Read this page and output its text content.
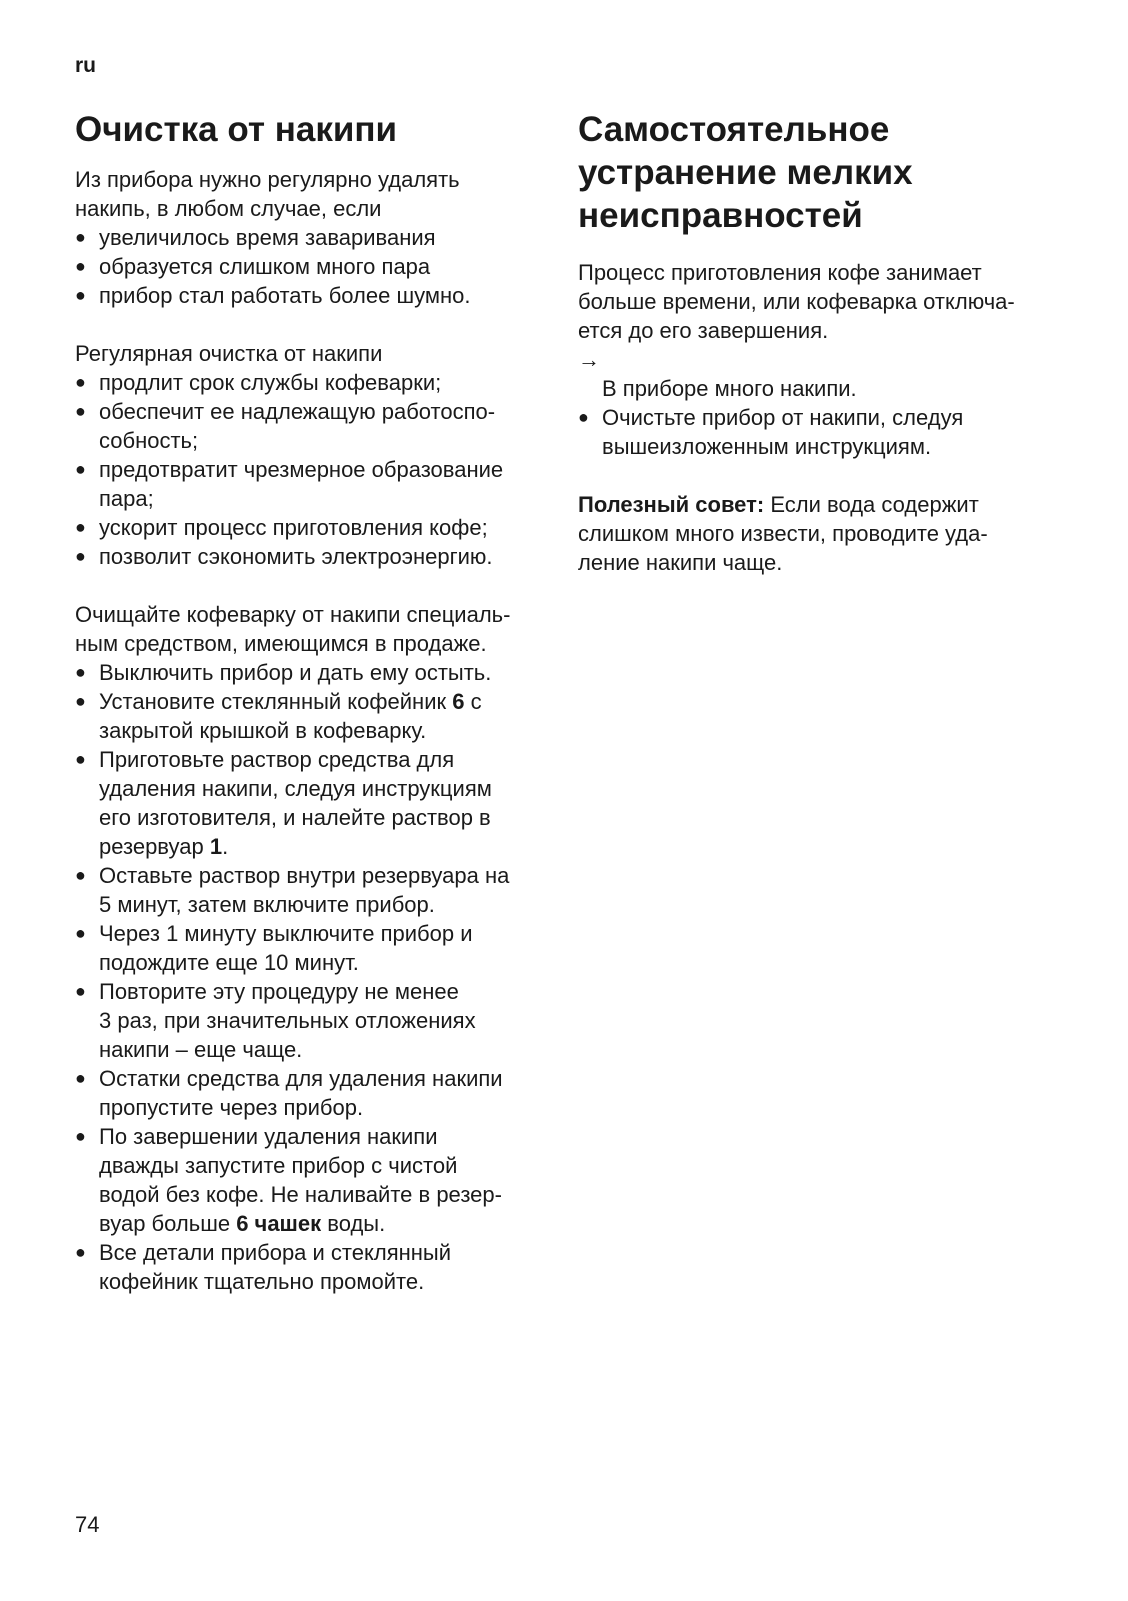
ru
Очистка от накипи

Из прибора нужно регулярно удалять
накипь, в любом случае, если

● увеличилось время заваривания
● образуется слишком много пара
● прибор стал работать более шумно.

Регулярная очистка от накипи

● продлит срок службы кофеварки;
● обеспечит ее надлежащую работоспо-
собность;
● предотвратит чрезмерное образование
пара;
● ускорит процесс приготовления кофе;
● позволит сэкономить электроэнергию.

Очищайте кофеварку от накипи специаль-
ным средством, имеющимся в продаже.

● Выключить прибор и дать ему остыть.
● Установите стеклянный кофейник 6 с
закрытой крышкой в кофеварку.
● Приготовьте раствор средства для
удаления накипи, следуя инструкциям
его изготовителя, и налейте раствор в
резервуар 1.
● Оставьте раствор внутри резервуара на
5 минут, затем включите прибор.
● Через 1 минуту выключите прибор и
подождите еще 10 минут.
● Повторите эту процедуру не менее
3 раз, при значительных отложениях
накипи – еще чаще.
● Остатки средства для удаления накипи
пропустите через прибор.
● По завершении удаления накипи
дважды запустите прибор с чистой
водой без кофе. Не наливайте в резер-
вуар больше 6 чашек воды.
● Все детали прибора и стеклянный
кофейник тщательно промойте.
Самостоятельное
устранение мелких
неисправностей

Процесс приготовления кофе занимает
больше времени, или кофеварка отключа-
ется до его завершения.

→
В приборе много накипи.

● Очистьте прибор от накипи, следуя
вышеизложенным инструкциям.

Полезный совет: Если вода содержит
слишком много извести, проводите уда-
ление накипи чаще.

74
